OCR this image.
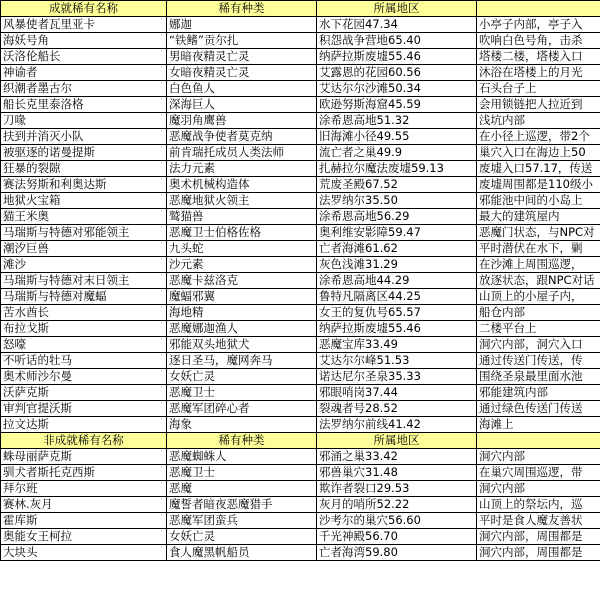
成就稀有名称	稀有种类	所属地区	
风暴使者瓦里亚卡	娜迦	水下花园47.34	小亭子内部，亭子入
海妖号角	“铁鳍”贡尔扎	积怨战争营地65.40	吹响白色号角，击杀
沃洛伦船长	男暗夜精灵亡灵	纳萨拉斯废墟55.46	塔楼二楼，塔楼入口
神谕者	女暗夜精灵亡灵	艾露恩的花园60.56	沐浴在塔楼上的月光
织潮者墨古尔	白色鱼人	艾达尔尔沙滩50.34	石头台子上
船长克里泰洛格	深海巨人	欧逊努斯海窟45.59	会用锁链把人拉近到
刀喙	魔羽角鹰兽	涂希恩高地51.32	浅坑内部
扶到并消灭小队	恶魔战争使者莫克纳	旧海滩小径49.55	在小径上巡逻，带2个
被驱逐的诺曼提斯	前肯瑞托成员人类法师	流亡者之巢49.9	巢穴入口在海边上50
狂暴的裂隙	法力元素	扎赫拉尔魔法废墟59.13	废墟入口57.17，传送
赛法努斯和利奥达斯	奥术机械构造体	荒废圣殿67.52	废墟周围都是110级小
地狱火宝箱	恶魔地狱火领主	法罗纳尔35.50	邪能池中间的小岛上
猫王米奥	鹫猫兽	涂希恩高地56.29	最大的建筑屋内
马瑞斯与特德对邪能领主	恶魔卫士伯格佐格	奥利维安影障59.47	恶魔门状态，与NPC对
潮汐巨兽	九头蛇	亡者海滩61.62	平时潜伏在水下，剿
滩沙	沙元素	灰色浅滩31.29	在沙滩上周围巡逻，
马瑞斯与特德对末日领主	恶魔卡兹洛克	涂希恩高地44.29	放逐状态，跟NPC对话
马瑞斯与特德对魔蝠	魔蝠邪翼	鲁特凡隔离区44.25	山顶上的小屋子内，
苦水酋长	海地精	女王的复仇号65.57	船仓内部
布拉戈斯	恶魔娜迦渔人	纳萨拉斯废墟55.46	二楼平台上
怒嚎	邪能双头地狱犬	恶魔宝库33.49	洞穴内部，洞穴入口
不听话的牡马	逐日圣马，魔网奔马	艾达尔尔峰51.53	通过传送门传送，传
奥术师沙尔曼	女妖亡灵	诺达尼尔圣泉35.33	围绕圣泉最里面水池
沃萨克斯	恶魔卫士	邪眼哨岗37.44	邪能建筑内部
审判官提沃斯	恶魔军团碎心者	裂魂者号28.52	通过绿色传送门传送
拉文达斯	海象	法罗纳尔前线41.42	海滩上
非成就稀有名称	稀有种类	所属地区	
蛛母丽萨克斯	恶魔蜘蛛人	邪涌之巢33.42	洞穴内部
驯犬者斯托克西斯	恶魔卫士	邪兽巢穴31.48	在巢穴周围巡逻，带
拜尔班	恶魔	欺诈者裂口29.53	洞穴内部
赛林.灰月	魔誓者暗夜恶魔猎手	灰月的哨所52.22	山顶上的祭坛内，巡
霍库斯	恶魔军团蛮兵	沙考尔的巢穴56.60	平时是食人魔友善状
奥能女王柯拉	女妖亡灵	千光神殿56.70	洞穴内部，周围都是
大块头	食人魔黑帆船员	亡者海湾59.80	洞穴内部，周围都是
